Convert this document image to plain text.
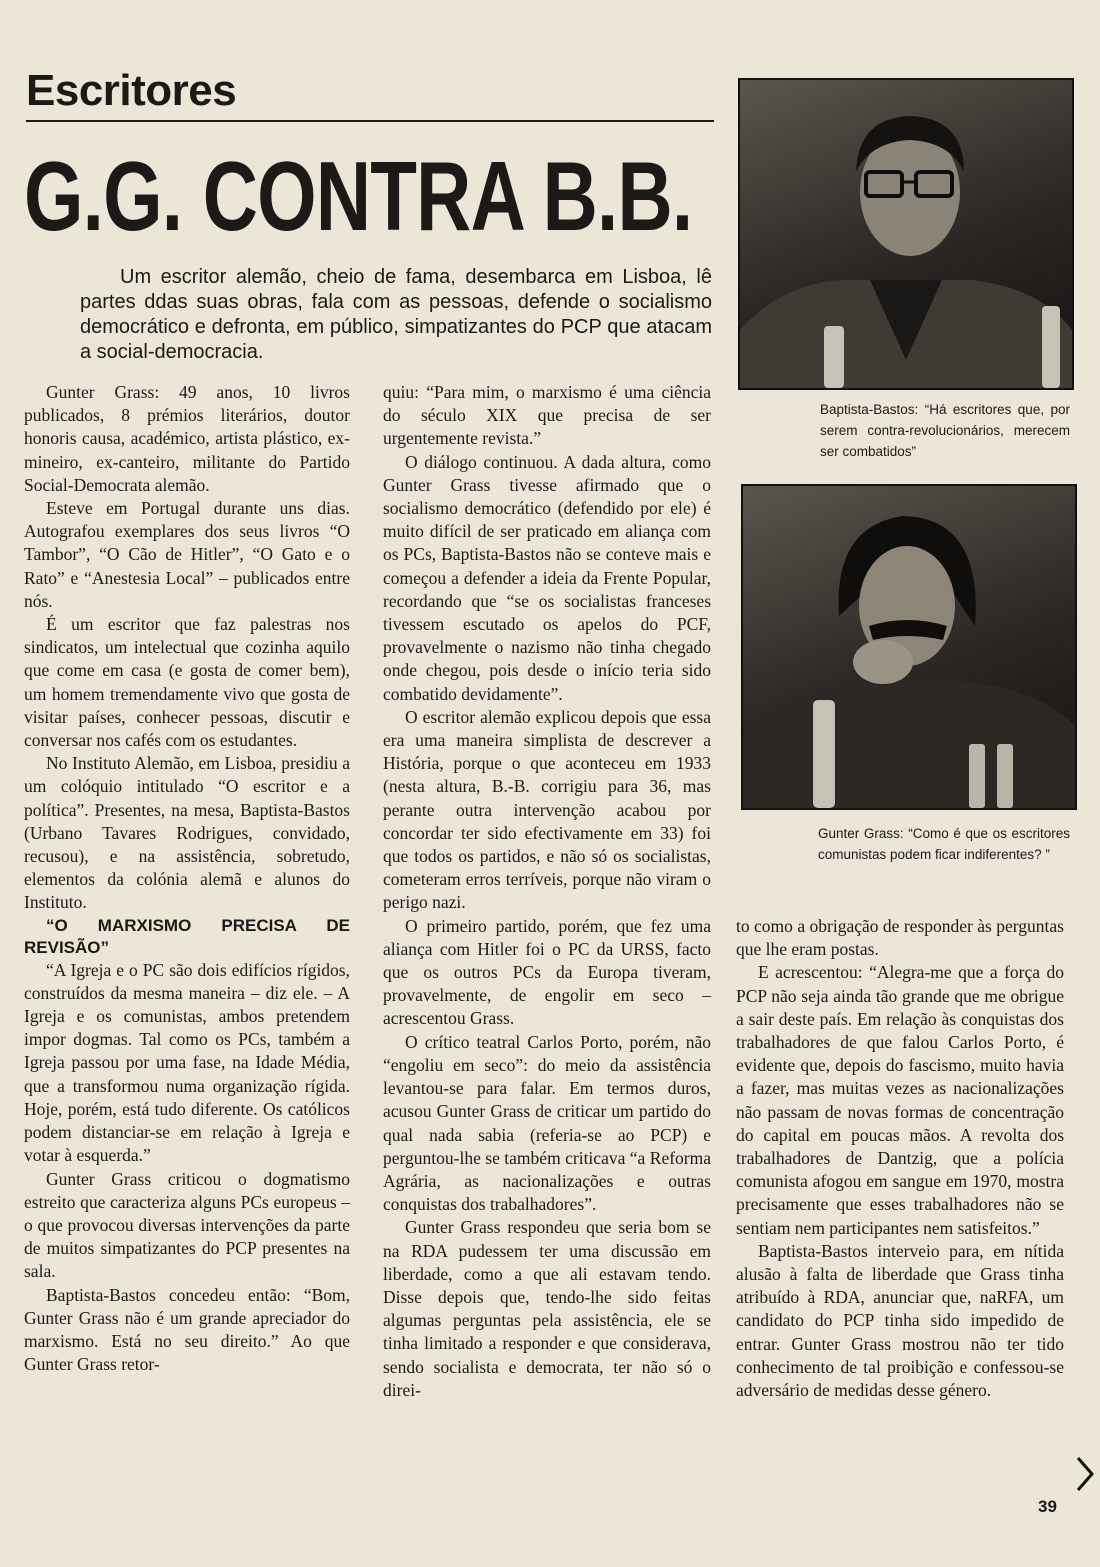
Escritores
G.G. CONTRA B.B.

Um escritor alemão, cheio de fama, desembarca em Lisboa, lê partes ddas suas obras, fala com as pessoas, defende o socialismo democrático e defronta, em público, simpatizantes do PCP que atacam a social-democracia.

Gunter Grass: 49 anos, 10 livros publicados, 8 prémios literários, doutor honoris causa, académico, artista plástico, ex-mineiro, ex-canteiro, militante do Partido Social-Democrata alemão.

Esteve em Portugal durante uns dias. Autografou exemplares dos seus livros “O Tambor”, “O Cão de Hitler”, “O Gato e o Rato” e “Anestesia Local” – publicados entre nós.

É um escritor que faz palestras nos sindicatos, um intelectual que cozinha aquilo que come em casa (e gosta de comer bem), um homem tremendamente vivo que gosta de visitar países, conhecer pessoas, discutir e conversar nos cafés com os estudantes.

No Instituto Alemão, em Lisboa, presidiu a um colóquio intitulado “O escritor e a política”. Presentes, na mesa, Baptista-Bastos (Urbano Tavares Rodrigues, convidado, recusou), e na assistência, sobretudo, elementos da colónia alemã e alunos do Instituto.

“O MARXISMO PRECISA DE REVISÃO”

“A Igreja e o PC são dois edifícios rígidos, construídos da mesma maneira – diz ele. – A Igreja e os comunistas, ambos pretendem impor dogmas. Tal como os PCs, também a Igreja passou por uma fase, na Idade Média, que a transformou numa organização rígida. Hoje, porém, está tudo diferente. Os católicos podem distanciar-se em relação à Igreja e votar à esquerda.”

Gunter Grass criticou o dogmatismo estreito que caracteriza alguns PCs europeus – o que provocou diversas intervenções da parte de muitos simpatizantes do PCP presentes na sala.

Baptista-Bastos concedeu então: “Bom, Gunter Grass não é um grande apreciador do marxismo. Está no seu direito.” Ao que Gunter Grass retor-

quiu: “Para mim, o marxismo é uma ciência do século XIX que precisa de ser urgentemente revista.”

O diálogo continuou. A dada altura, como Gunter Grass tivesse afirmado que o socialismo democrático (defendido por ele) é muito difícil de ser praticado em aliança com os PCs, Baptista-Bastos não se conteve mais e começou a defender a ideia da Frente Popular, recordando que “se os socialistas franceses tivessem escutado os apelos do PCF, provavelmente o nazismo não tinha chegado onde chegou, pois desde o início teria sido combatido devidamente”.

O escritor alemão explicou depois que essa era uma maneira simplista de descrever a História, porque o que aconteceu em 1933 (nesta altura, B.-B. corrigiu para 36, mas perante outra intervenção acabou por concordar ter sido efectivamente em 33) foi que todos os partidos, e não só os socialistas, cometeram erros terríveis, porque não viram o perigo nazi.

O primeiro partido, porém, que fez uma aliança com Hitler foi o PC da URSS, facto que os outros PCs da Europa tiveram, provavelmente, de engolir em seco – acrescentou Grass.

O crítico teatral Carlos Porto, porém, não “engoliu em seco”: do meio da assistência levantou-se para falar. Em termos duros, acusou Gunter Grass de criticar um partido do qual nada sabia (referia-se ao PCP) e perguntou-lhe se também criticava “a Reforma Agrária, as nacionalizações e outras conquistas dos trabalhadores”.

Gunter Grass respondeu que seria bom se na RDA pudessem ter uma discussão em liberdade, como a que ali estavam tendo. Disse depois que, tendo-lhe sido feitas algumas perguntas pela assistência, ele se tinha limitado a responder e que considerava, sendo socialista e democrata, ter não só o direi-

to como a obrigação de responder às perguntas que lhe eram postas.

E acrescentou: “Alegra-me que a força do PCP não seja ainda tão grande que me obrigue a sair deste país. Em relação às conquistas dos trabalhadores de que falou Carlos Porto, é evidente que, depois do fascismo, muito havia a fazer, mas muitas vezes as nacionalizações não passam de novas formas de concentração do capital em poucas mãos. A revolta dos trabalhadores de Dantzig, que a polícia comunista afogou em sangue em 1970, mostra precisamente que esses trabalhadores não se sentiam nem participantes nem satisfeitos.”

Baptista-Bastos interveio para, em nítida alusão à falta de liberdade que Grass tinha atribuído à RDA, anunciar que, naRFA, um candidato do PCP tinha sido impedido de entrar. Gunter Grass mostrou não ter tido conhecimento de tal proibição e confessou-se adversário de medidas desse género.

Baptista-Bastos: “Há escritores que, por serem contra-revolucionários, merecem ser combatidos”

Gunter Grass: “Como é que os escritores comunistas podem ficar indiferentes? ”

39
